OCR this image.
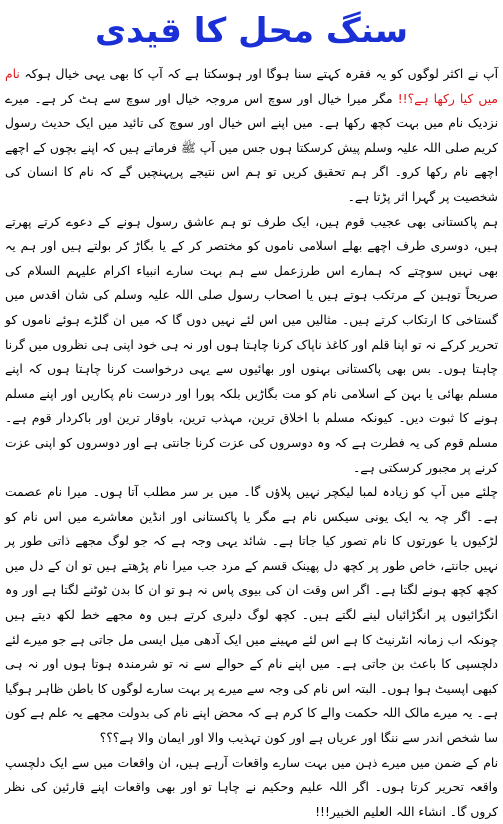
سنگ محل کا قیدی

آپ نے اکثر لوگوں کو یہ فقرہ کہتے سنا ہوگا اور ہوسکتا ہے کہ آپ کا بھی یہی خیال ہوکہ نام میں کیا رکھا ہے؟!! مگر میرا خیال اور سوچ اس مروجہ خیال اور سوچ سے ہٹ کر ہے۔ میرے نزدیک نام میں بہت کچھ رکھا ہے۔ میں اپنے اس خیال اور سوچ کی تائید میں ایک حدیث رسول کریم صلی اللہ علیہ وسلم پیش کرسکتا ہوں جس میں آپ ﷺ فرماتے ہیں کہ اپنے بچوں کے اچھے اچھے نام رکھا کرو۔ اگر ہم تحقیق کریں تو ہم اس نتیجے پرپہنچیں گے کہ نام کا انسان کی شخصیت پر گہرا اثر پڑتا ہے۔

ہم پاکستانی بھی عجیب قوم ہیں، ایک طرف تو ہم عاشق رسول ہونے کے دعوے کرتے پھرتے ہیں، دوسری طرف اچھے بھلے اسلامی ناموں کو مختصر کر کے یا بگاڑ کر بولتے ہیں اور ہم یہ بھی نہیں سوچتے کہ ہمارے اس طرزعمل سے ہم بہت سارے انبیاء اکرام علیہم السلام کی صریحاً توہین کے مرتکب ہوتے ہیں یا اصحاب رسول صلی اللہ علیہ وسلم کی شان اقدس میں گستاخی کا ارتکاب کرتے ہیں۔ مثالیں میں اس لئے نہیں دوں گا کہ میں ان گلڑے ہوئے ناموں کو تحریر کرکے نہ تو اپنا قلم اور کاغذ ناپاک کرنا چاہتا ہوں اور نہ ہی خود اپنی ہی نظروں میں گرنا چاہتا ہوں۔ بس بھی پاکستانی بہنوں اور بھائیوں سے یہی درخواست کرنا چاہتا ہوں کہ اپنے مسلم بھائی یا بہن کے اسلامی نام کو مت بگاڑیں بلکہ پورا اور درست نام پکاریں اور اپنے مسلم ہونے کا ثبوت دیں۔ کیونکہ مسلم با اخلاق ترین، مہذب ترین، باوقار ترین اور باکردار قوم ہے۔ مسلم قوم کی یہ فطرت ہے کہ وہ دوسروں کی عزت کرنا جانتی ہے اور دوسروں کو اپنی عزت کرنے پر مجبور کرسکتی ہے۔

چلئے میں آپ کو زیادہ لمبا لیکچر نہیں پلاؤں گا۔ میں بر سر مطلب آتا ہوں۔ میرا نام عصمت ہے۔ اگر چہ یہ ایک یونی سیکس نام ہے مگر یا پاکستانی اور انڈین معاشرے میں اس نام کو لڑکیوں یا عورتوں کا نام تصور کیا جاتا ہے۔ شائد یہی وجہ ہے کہ جو لوگ مجھے ذاتی طور پر نہیں جانتے، خاص طور پر کچھ دل پھینک قسم کے مرد جب میرا نام پڑھتے ہیں تو ان کے دل میں کچھ کچھ ہونے لگتا ہے۔ اگر اس وقت ان کی بیوی پاس نہ ہو تو ان کا بدن ٹوٹنے لگتا ہے اور وہ انگڑائیوں پر انگڑائیاں لینے لگتے ہیں۔ کچھ لوگ دلیری کرتے ہیں وہ مجھے خط لکھ دیتے ہیں چونکہ اب زمانہ انٹرنیٹ کا ہے اس لئے مہینے میں ایک آدھی میل ایسی مل جاتی ہے جو میرے لئے دلچسپی کا باعث بن جاتی ہے۔ میں اپنے نام کے حوالے سے نہ تو شرمندہ ہوتا ہوں اور نہ ہی کبھی اپسیٹ ہوا ہوں۔ البتہ اس نام کی وجہ سے میرے پر بہت سارے لوگوں کا باطن ظاہر ہوگیا ہے۔ یہ میرے مالک اللہ حکمت والے کا کرم ہے کہ محض اپنے نام کی بدولت مجھے یہ علم ہے کون سا شخص اندر سے ننگا اور عریاں ہے اور کون تہذیب والا اور ایمان والا ہے؟؟؟

نام کے ضمن میں میرے ذہن میں بہت سارے واقعات آرہے ہیں، ان واقعات میں سے ایک دلچسپ واقعہ تحریر کرتا ہوں۔ اگر اللہ علیم وحکیم نے چاہا تو اور بھی واقعات اپنے قارئین کی نظر کروں گا۔ انشاء اللہ العلیم الخبیر!!!
